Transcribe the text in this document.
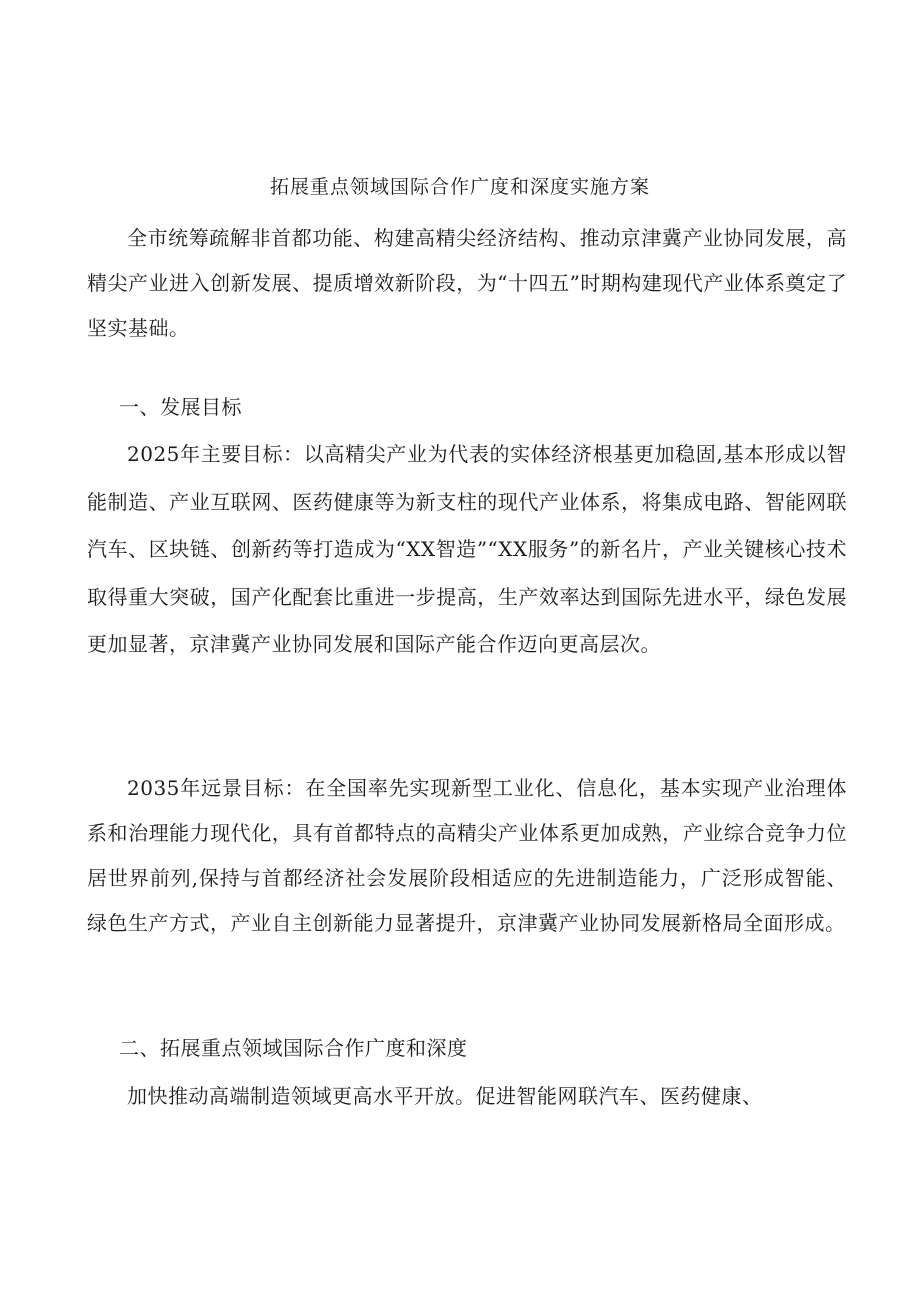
拓展重点领域国际合作广度和深度实施方案

全市统筹疏解非首都功能、构建高精尖经济结构、推动京津冀产业协同发展，高精尖产业进入创新发展、提质增效新阶段，为“十四五”时期构建现代产业体系奠定了坚实基础。

一、发展目标

2025年主要目标：以高精尖产业为代表的实体经济根基更加稳固,基本形成以智能制造、产业互联网、医药健康等为新支柱的现代产业体系，将集成电路、智能网联汽车、区块链、创新药等打造成为“XX智造”“XX服务”的新名片，产业关键核心技术取得重大突破，国产化配套比重进一步提高，生产效率达到国际先进水平，绿色发展更加显著，京津冀产业协同发展和国际产能合作迈向更高层次。

2035年远景目标：在全国率先实现新型工业化、信息化，基本实现产业治理体系和治理能力现代化，具有首都特点的高精尖产业体系更加成熟，产业综合竞争力位居世界前列,保持与首都经济社会发展阶段相适应的先进制造能力，广泛形成智能、绿色生产方式，产业自主创新能力显著提升，京津冀产业协同发展新格局全面形成。

二、拓展重点领域国际合作广度和深度

加快推动高端制造领域更高水平开放。促进智能网联汽车、医药健康、
